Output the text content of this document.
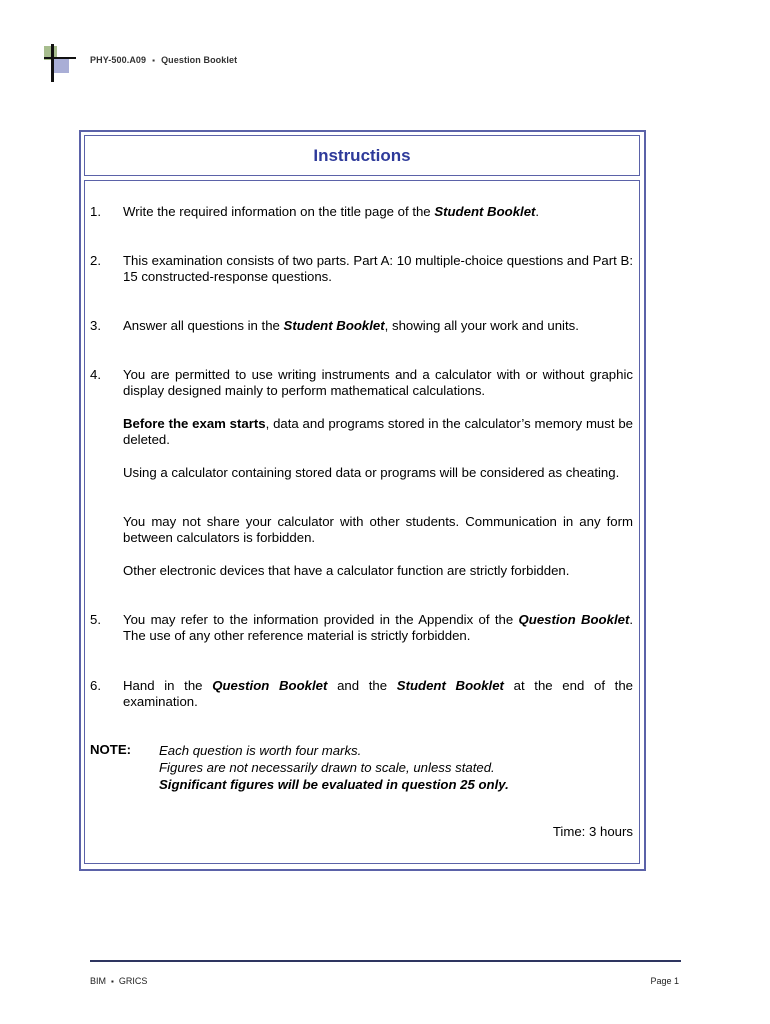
PHY-500.A09 ▪ Question Booklet
Instructions
1. Write the required information on the title page of the Student Booklet.
2. This examination consists of two parts. Part A: 10 multiple-choice questions and Part B: 15 constructed-response questions.
3. Answer all questions in the Student Booklet, showing all your work and units.
4. You are permitted to use writing instruments and a calculator with or without graphic display designed mainly to perform mathematical calculations.
Before the exam starts, data and programs stored in the calculator’s memory must be deleted.
Using a calculator containing stored data or programs will be considered as cheating.
You may not share your calculator with other students. Communication in any form between calculators is forbidden.
Other electronic devices that have a calculator function are strictly forbidden.
5. You may refer to the information provided in the Appendix of the Question Booklet. The use of any other reference material is strictly forbidden.
6. Hand in the Question Booklet and the Student Booklet at the end of the examination.
NOTE: Each question is worth four marks.
Figures are not necessarily drawn to scale, unless stated.
Significant figures will be evaluated in question 25 only.
Time: 3 hours
BIM ▪ GRICS	Page 1
